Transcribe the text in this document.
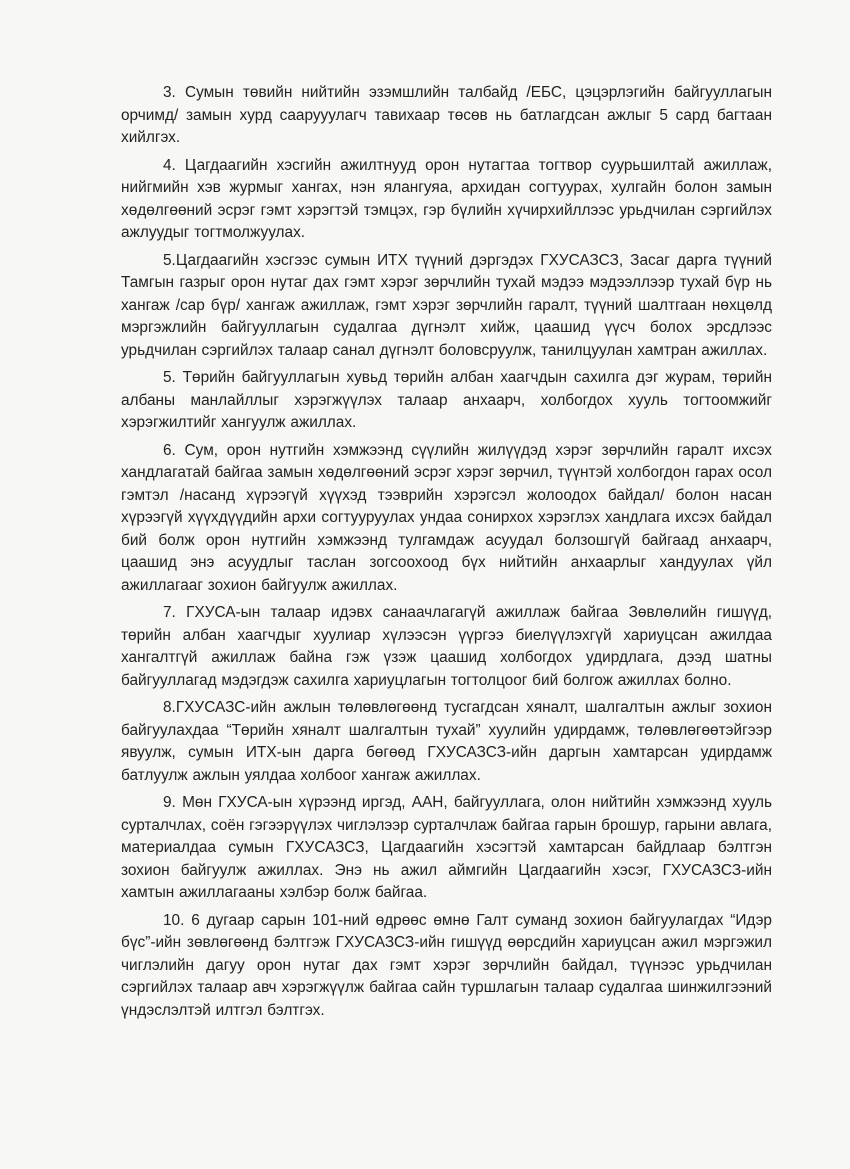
3. Сумын төвийн нийтийн эзэмшлийн талбайд /ЕБС, цэцэрлэгийн байгууллагын орчимд/ замын хурд саарууулагч тавихаар төсөв нь батлагдсан ажлыг 5 сард багтаан хийлгэх.

4. Цагдаагийн хэсгийн ажилтнууд орон нутагтаа тогтвор суурьшилтай ажиллаж, нийгмийн хэв журмыг хангах, нэн ялангуяа, архидан согтуурах, хулгайн болон замын хөдөлгөөний эсрэг гэмт хэрэгтэй тэмцэх, гэр бүлийн хүчирхийллээс урьдчилан сэргийлэх ажлуудыг тогтмолжуулах.

5.Цагдаагийн хэсгээс сумын ИТХ түүний дэргэдэх ГХУСАЗСЗ, Засаг дарга түүний Тамгын газрыг орон нутаг дах гэмт хэрэг зөрчлийн тухай мэдээ мэдээллээр тухай бүр нь хангаж /сар бүр/ хангаж ажиллаж, гэмт хэрэг зөрчлийн гаралт, түүний шалтгаан нөхцөлд мэргэжлийн байгууллагын судалгаа дүгнэлт хийж, цаашид үүсч болох эрсдлээс урьдчилан сэргийлэх талаар санал дүгнэлт боловсруулж, танилцуулан хамтран ажиллах.

5. Төрийн байгууллагын хувьд төрийн албан хаагчдын сахилга дэг журам, төрийн албаны манлайллыг хэрэгжүүлэх талаар анхаарч, холбогдох хууль тогтоомжийг хэрэгжилтийг хангуулж ажиллах.

6. Сум, орон нутгийн хэмжээнд сүүлийн жилүүдэд хэрэг зөрчлийн гаралт ихсэх хандлагатай байгаа замын хөдөлгөөний эсрэг хэрэг зөрчил, түүнтэй холбогдон гарах осол гэмтэл /насанд хүрээгүй хүүхэд тээврийн хэрэгсэл жолоодох байдал/ болон насан хүрээгүй хүүхдүүдийн архи согтууруулах ундаа сонирхох хэрэглэх хандлага ихсэх байдал бий болж орон нутгийн хэмжээнд тулгамдаж асуудал болзошгүй байгаад анхаарч, цаашид энэ асуудлыг таслан зогсоохоод бүх нийтийн анхаарлыг хандуулах үйл ажиллагааг зохион байгуулж ажиллах.

7. ГХУСА-ын талаар идэвх санаачлагагүй ажиллаж байгаа Зөвлөлийн гишүүд, төрийн албан хаагчдыг хуулиар хүлээсэн үүргээ биелүүлэхгүй хариуцсан ажилдаа хангалтгүй ажиллаж байна гэж үзэж цаашид холбогдох удирдлага, дээд шатны байгууллагад мэдэгдэж сахилга хариуцлагын тогтолцоог бий болгож ажиллах болно.

8.ГХУСАЗС-ийн ажлын төлөвлөгөөнд тусгагдсан хяналт, шалгалтын ажлыг зохион байгуулахдаа “Төрийн хяналт шалгалтын тухай” хуулийн удирдамж, төлөвлөгөөтэйгээр явуулж, сумын ИТХ-ын дарга бөгөөд ГХУСАЗСЗ-ийн даргын хамтарсан удирдамж батлуулж ажлын уялдаа холбоог хангаж ажиллах.

9. Мөн ГХУСА-ын хүрээнд иргэд, ААН, байгууллага, олон нийтийн хэмжээнд хууль сурталчлах, соён гэгээрүүлэх чиглэлээр сурталчлаж байгаа гарын брошур, гарыни авлага, материалдаа сумын ГХУСАЗСЗ, Цагдаагийн хэсэгтэй хамтарсан байдлаар бэлтгэн зохион байгуулж ажиллах. Энэ нь ажил аймгийн Цагдаагийн хэсэг, ГХУСАЗСЗ-ийн хамтын ажиллагааны хэлбэр болж байгаа.

10. 6 дугаар сарын 101-ний өдрөөс өмнө Галт суманд зохион байгуулагдах “Идэр бүс”-ийн зөвлөгөөнд бэлтгэж ГХУСАЗСЗ-ийн гишүүд өөрсдийн хариуцсан ажил мэргэжил чиглэлийн дагуу орон нутаг дах гэмт хэрэг зөрчлийн байдал, түүнээс урьдчилан сэргийлэх талаар авч хэрэгжүүлж байгаа сайн туршлагын талаар судалгаа шинжилгээний үндэслэлтэй илтгэл бэлтгэх.
